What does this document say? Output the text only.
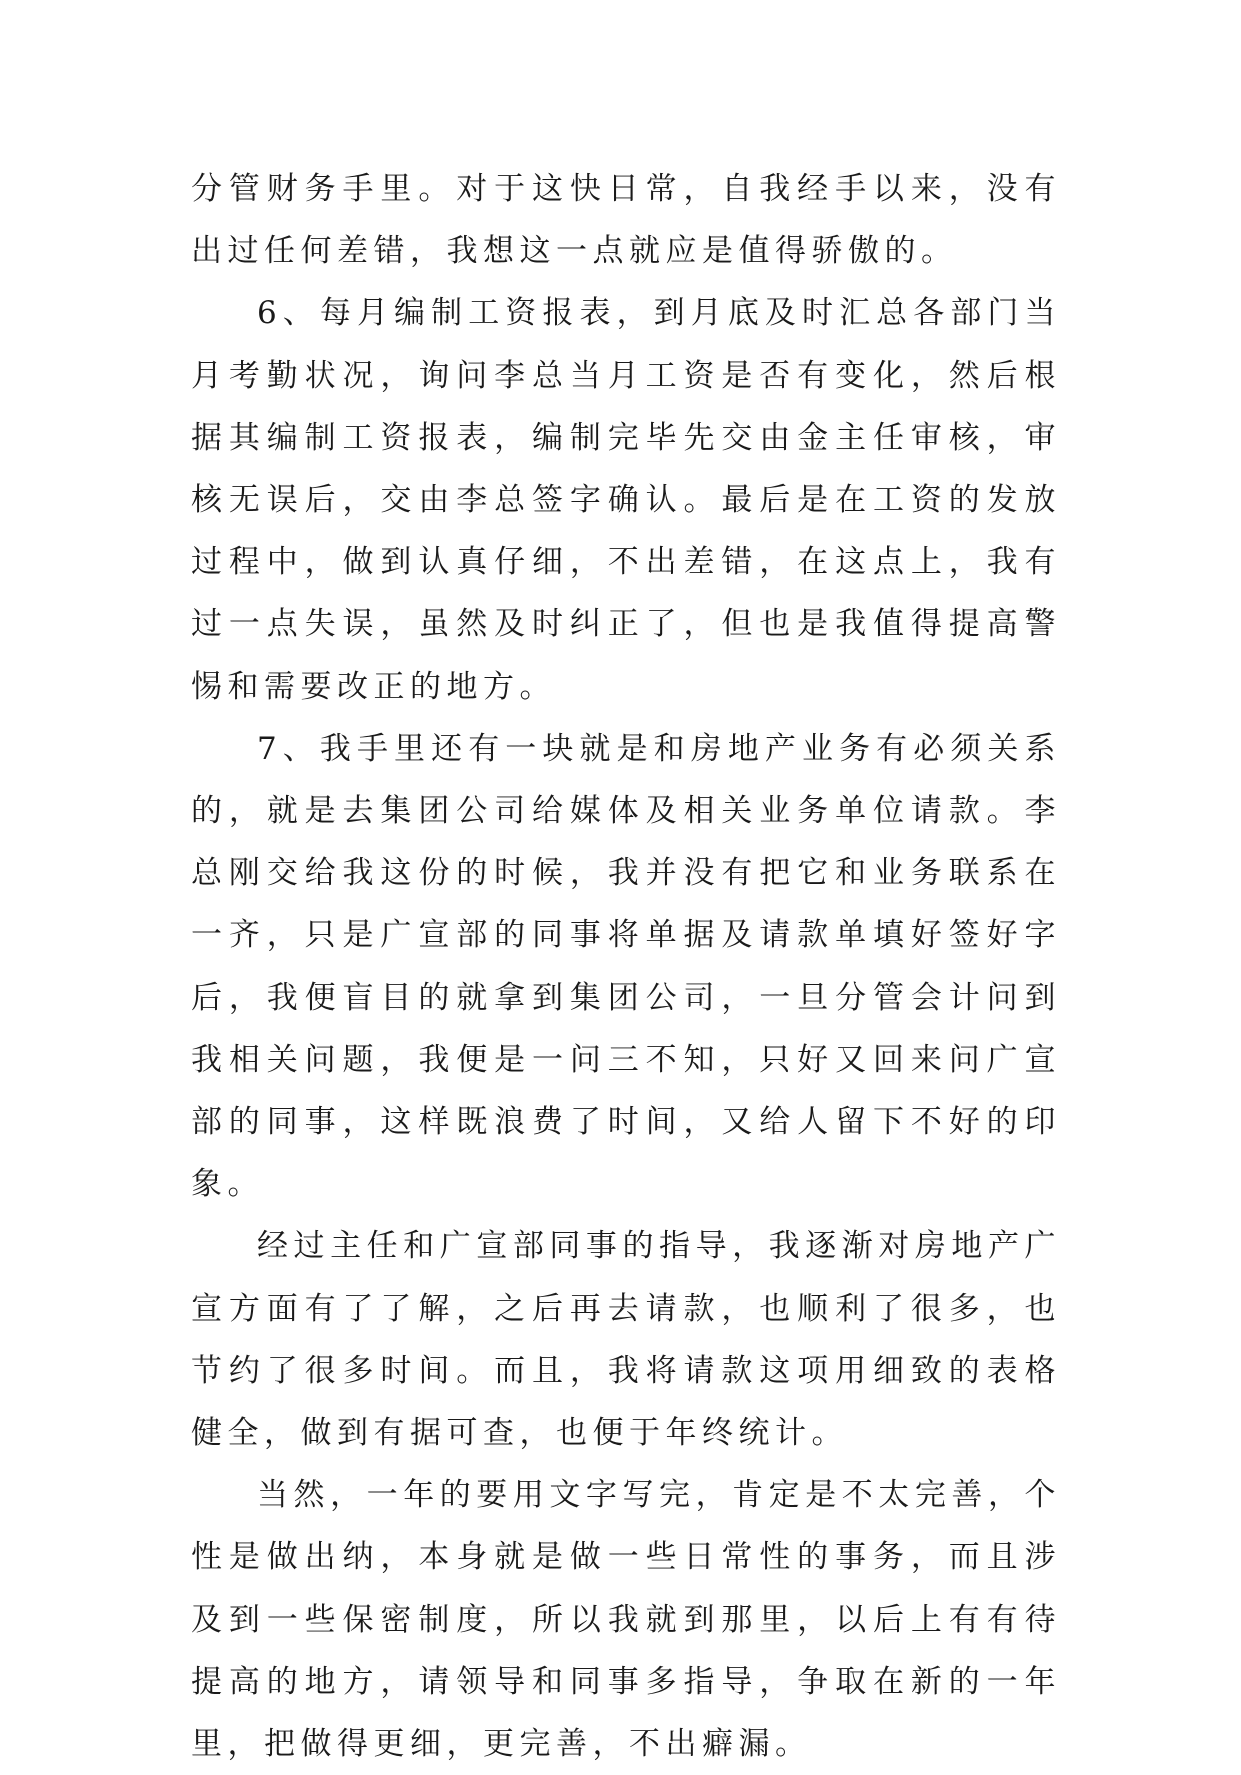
分管财务手里。对于这快日常，自我经手以来，没有出过任何差错，我想这一点就应是值得骄傲的。

6、每月编制工资报表，到月底及时汇总各部门当月考勤状况，询问李总当月工资是否有变化，然后根据其编制工资报表，编制完毕先交由金主任审核，审核无误后，交由李总签字确认。最后是在工资的发放过程中，做到认真仔细，不出差错，在这点上，我有过一点失误，虽然及时纠正了，但也是我值得提高警惕和需要改正的地方。

7、我手里还有一块就是和房地产业务有必须关系的，就是去集团公司给媒体及相关业务单位请款。李总刚交给我这份的时候，我并没有把它和业务联系在一齐，只是广宣部的同事将单据及请款单填好签好字后，我便盲目的就拿到集团公司，一旦分管会计问到我相关问题，我便是一问三不知，只好又回来问广宣部的同事，这样既浪费了时间，又给人留下不好的印象。

经过主任和广宣部同事的指导，我逐渐对房地产广宣方面有了了解，之后再去请款，也顺利了很多，也节约了很多时间。而且，我将请款这项用细致的表格健全，做到有据可查，也便于年终统计。

当然，一年的要用文字写完，肯定是不太完善，个性是做出纳，本身就是做一些日常性的事务，而且涉及到一些保密制度，所以我就到那里，以后上有有待提高的地方，请领导和同事多指导，争取在新的一年里，把做得更细，更完善，不出癖漏。
